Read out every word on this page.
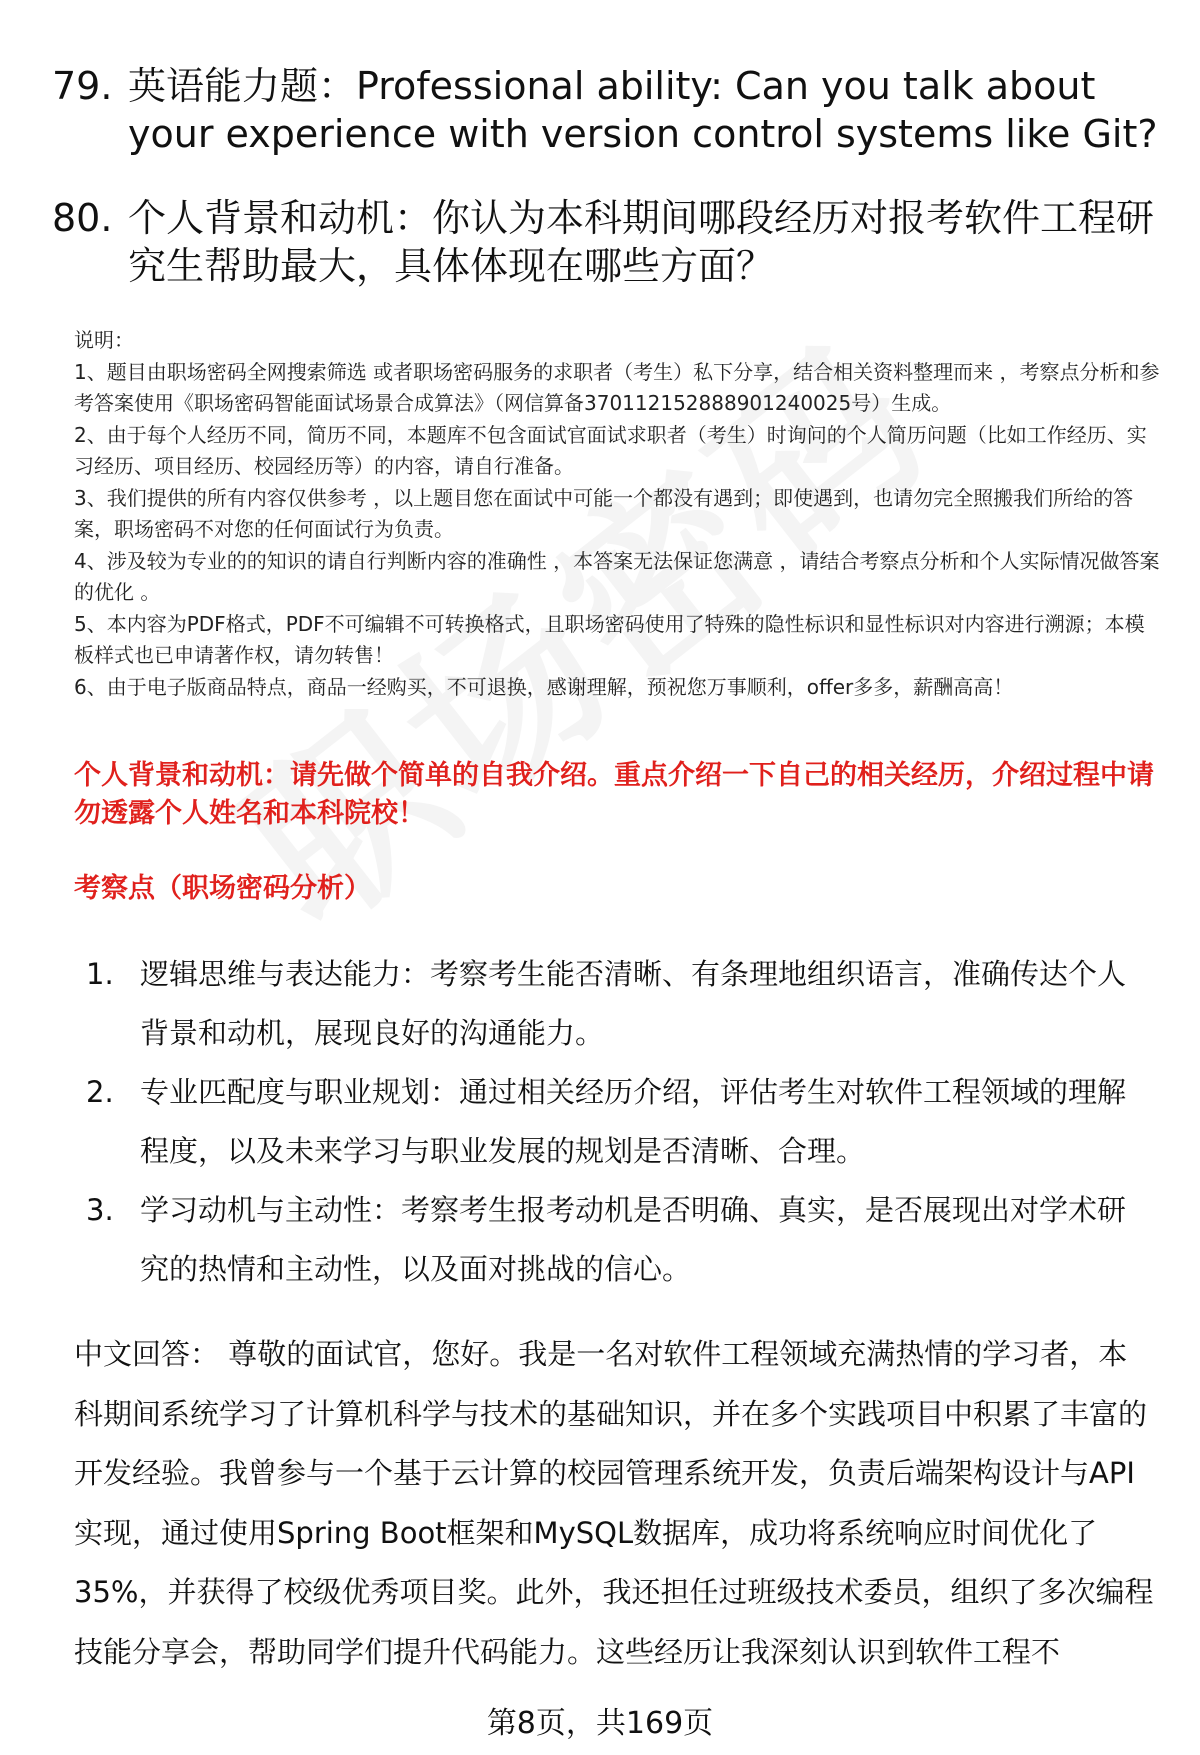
79. 英语能力题：Professional ability: Can you talk about your experience with version control systems like Git?
80. 个人背景和动机：你认为本科期间哪段经历对报考软件工程研究生帮助最大，具体体现在哪些方面？

说明：

1、题目由职场密码全网搜索筛选 或者职场密码服务的求职者（考生）私下分享，结合相关资料整理而来 ，考察点分析和参考答案使用《职场密码智能面试场景合成算法》（网信算备370112152888901240025号）生成。

2、由于每个人经历不同，简历不同，本题库不包含面试官面试求职者（考生）时询问的个人简历问题（比如工作经历、实习经历、项目经历、校园经历等）的内容，请自行准备。

3、我们提供的所有内容仅供参考 ，以上题目您在面试中可能一个都没有遇到；即使遇到，也请勿完全照搬我们所给的答案，职场密码不对您的任何面试行为负责。

4、涉及较为专业的的知识的请自行判断内容的准确性 ，本答案无法保证您满意 ，请结合考察点分析和个人实际情况做答案的优化 。

5、本内容为PDF格式，PDF不可编辑不可转换格式，且职场密码使用了特殊的隐性标识和显性标识对内容进行溯源；本模板样式也已申请著作权，请勿转售！

6、由于电子版商品特点，商品一经购买，不可退换，感谢理解，预祝您万事顺利，offer多多，薪酬高高！

个人背景和动机：请先做个简单的自我介绍。重点介绍一下自己的相关经历，介绍过程中请勿透露个人姓名和本科院校！
考察点（职场密码分析）
1. 逻辑思维与表达能力：考察考生能否清晰、有条理地组织语言，准确传达个人背景和动机，展现良好的沟通能力。
2. 专业匹配度与职业规划：通过相关经历介绍，评估考生对软件工程领域的理解程度，以及未来学习与职业发展的规划是否清晰、合理。
3. 学习动机与主动性：考察考生报考动机是否明确、真实，是否展现出对学术研究的热情和主动性，以及面对挑战的信心。

中文回答： 尊敬的面试官，您好。我是一名对软件工程领域充满热情的学习者，本科期间系统学习了计算机科学与技术的基础知识，并在多个实践项目中积累了丰富的开发经验。我曾参与一个基于云计算的校园管理系统开发，负责后端架构设计与API实现，通过使用Spring Boot框架和MySQL数据库，成功将系统响应时间优化了35%，并获得了校级优秀项目奖。此外，我还担任过班级技术委员，组织了多次编程技能分享会，帮助同学们提升代码能力。这些经历让我深刻认识到软件工程不

第8页，共169页
